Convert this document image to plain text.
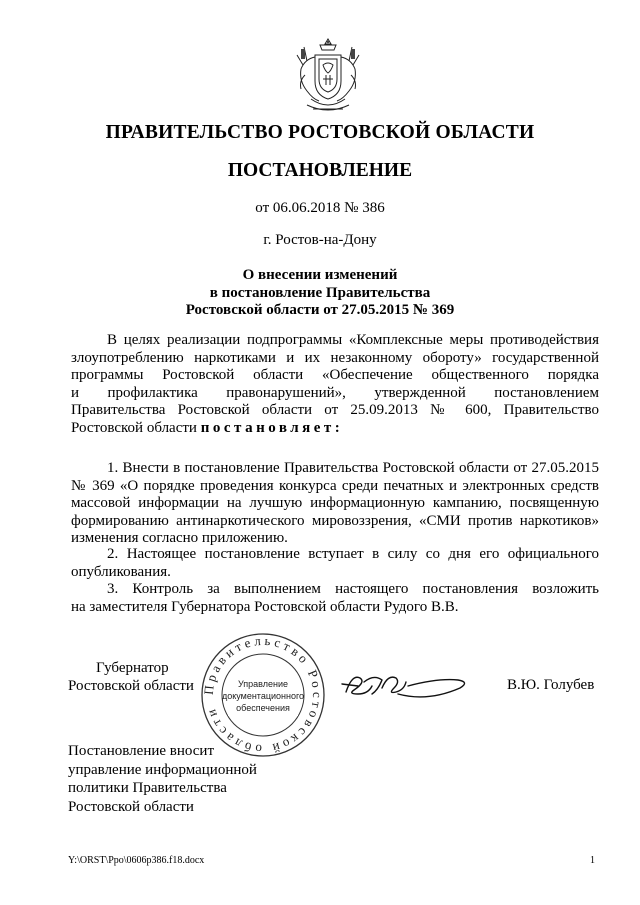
ПРАВИТЕЛЬСТВО РОСТОВСКОЙ ОБЛАСТИ
ПОСТАНОВЛЕНИЕ
от 06.06.2018 № 386
г. Ростов-на-Дону
О внесении изменений
в постановление Правительства
Ростовской области от 27.05.2015 № 369
В целях реализации подпрограммы «Комплексные меры противодействия
злоупотреблению наркотиками и их незаконному обороту» государственной
программы Ростовской области «Обеспечение общественного порядка
и профилактика правонарушений», утвержденной постановлением
Правительства Ростовской области от 25.09.2013 № 600, Правительство
Ростовской области постановляет:
1. Внести в постановление Правительства Ростовской области от 27.05.2015
№ 369 «О порядке проведения конкурса среди печатных и электронных средств
массовой информации на лучшую информационную кампанию, посвященную
формированию антинаркотического мировоззрения, «СМИ против наркотиков»
изменения согласно приложению.
2. Настоящее постановление вступает в силу со дня его официального
опубликования.
3. Контроль за выполнением настоящего постановления возложить
на заместителя Губернатора Ростовской области Рудого В.В.
Губернатор
Ростовской области Правительство Ростовской области
Управление
документационного
обеспечения
В.Ю. Голубев
Постановление вносит
управление информационной
политики Правительства
Ростовской области
Y:\ORST\Ppo\0606p386.f18.docx	1
